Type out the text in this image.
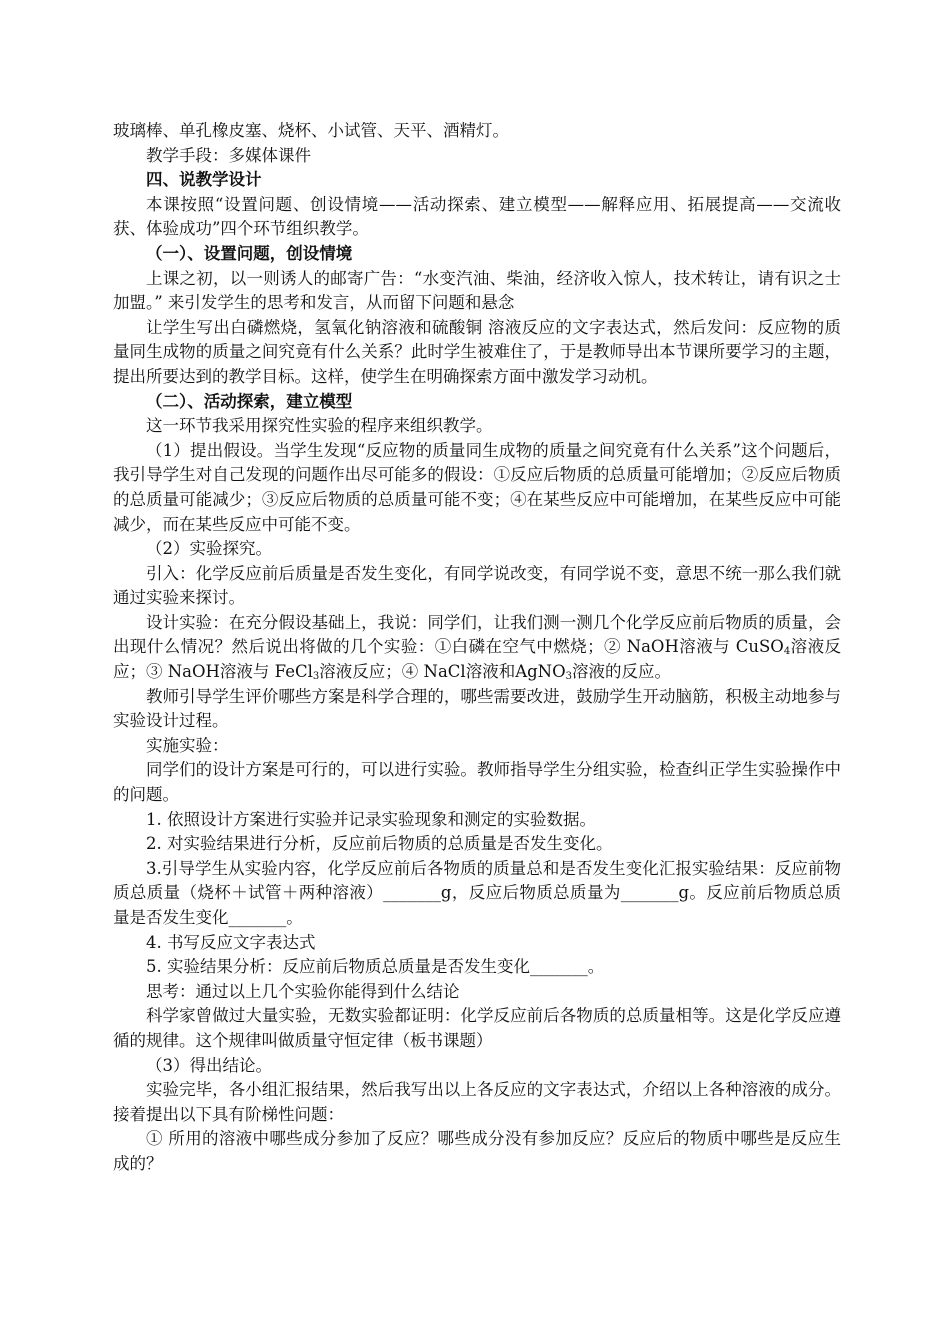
玻璃棒、单孔橡皮塞、烧杯、小试管、天平、酒精灯。

教学手段：多媒体课件

四、说教学设计

本课按照“设置问题、创设情境——活动探索、建立模型——解释应用、拓展提高——交流收获、体验成功”四个环节组织教学。

（一）、设置问题，创设情境

上课之初，以一则诱人的邮寄广告：“水变汽油、柴油，经济收入惊人，技术转让，请有识之士加盟。” 来引发学生的思考和发言，从而留下问题和悬念

让学生写出白磷燃烧，氢氧化钠溶液和硫酸铜 溶液反应的文字表达式，然后发问：反应物的质量同生成物的质量之间究竟有什么关系？此时学生被难住了，于是教师导出本节课所要学习的主题，提出所要达到的教学目标。这样，使学生在明确探索方面中激发学习动机。

（二）、活动探索，建立模型

这一环节我采用探究性实验的程序来组织教学。

（1）提出假设。当学生发现“反应物的质量同生成物的质量之间究竟有什么关系”这个问题后，我引导学生对自己发现的问题作出尽可能多的假设：①反应后物质的总质量可能增加；②反应后物质的总质量可能减少；③反应后物质的总质量可能不变；④在某些反应中可能增加，在某些反应中可能减少，而在某些反应中可能不变。

（2）实验探究。

引入：化学反应前后质量是否发生变化，有同学说改变，有同学说不变，意思不统一那么我们就通过实验来探讨。

设计实验：在充分假设基础上，我说：同学们，让我们测一测几个化学反应前后物质的质量，会出现什么情况？然后说出将做的几个实验：①白磷在空气中燃烧；② NaOH溶液与 CuSO$_4$溶液反应；③ NaOH溶液与 FeCl$_3$溶液反应；④ NaCl溶液和AgNO$_3$溶液的反应。

教师引导学生评价哪些方案是科学合理的，哪些需要改进，鼓励学生开动脑筋，积极主动地参与实验设计过程。

实施实验：

同学们的设计方案是可行的，可以进行实验。教师指导学生分组实验，检查纠正学生实验操作中的问题。

1. 依照设计方案进行实验并记录实验现象和测定的实验数据。

2. 对实验结果进行分析，反应前后物质的总质量是否发生变化。

3.引导学生从实验内容，化学反应前后各物质的质量总和是否发生变化汇报实验结果：反应前物质总质量（烧杯＋试管＋两种溶液）_______g，反应后物质总质量为_______g。反应前后物质总质量是否发生变化_______。

4. 书写反应文字表达式

5. 实验结果分析：反应前后物质总质量是否发生变化_______。

思考：通过以上几个实验你能得到什么结论

科学家曾做过大量实验，无数实验都证明：化学反应前后各物质的总质量相等。这是化学反应遵循的规律。这个规律叫做质量守恒定律（板书课题）

（3）得出结论。

实验完毕，各小组汇报结果，然后我写出以上各反应的文字表达式，介绍以上各种溶液的成分。接着提出以下具有阶梯性问题：

① 所用的溶液中哪些成分参加了反应？哪些成分没有参加反应？反应后的物质中哪些是反应生成的？
